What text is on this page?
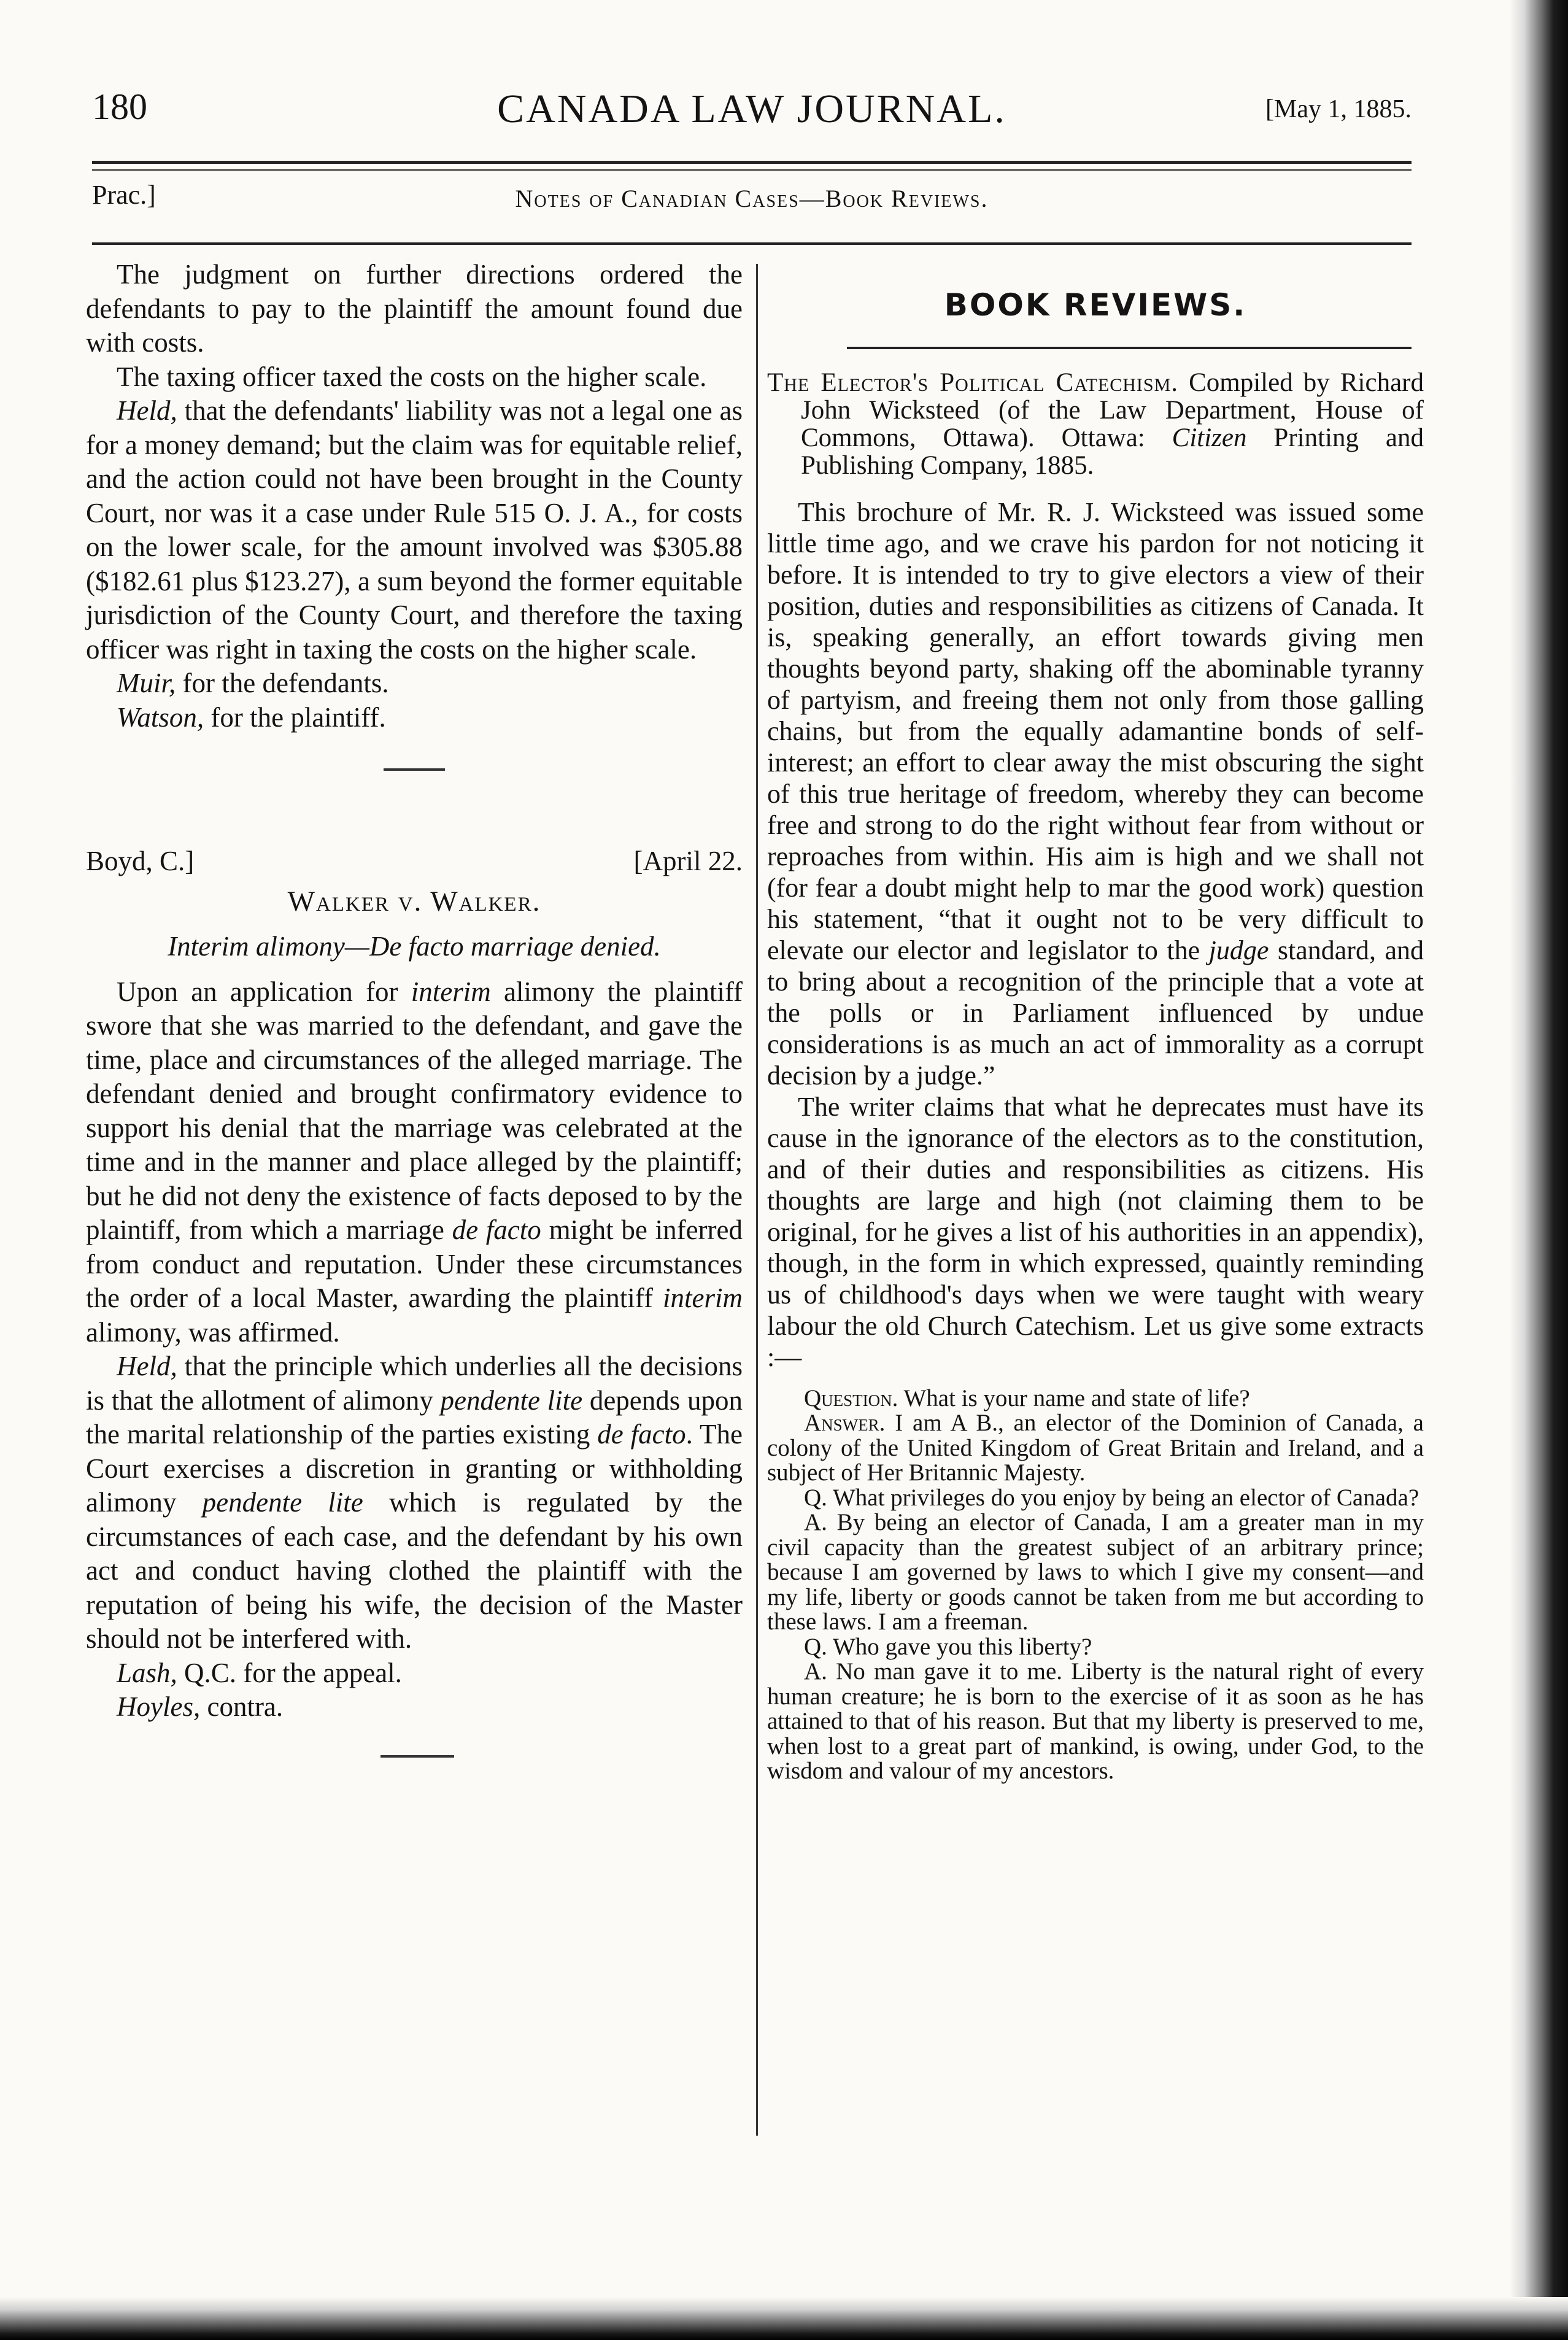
180	CANADA LAW JOURNAL.	[May 1, 1885.
Prac.]	Notes of Canadian Cases—Book Reviews.

The judgment on further directions ordered the defendants to pay to the plaintiff the amount found due with costs.

The taxing officer taxed the costs on the higher scale.

Held, that the defendants' liability was not a legal one as for a money demand; but the claim was for equitable relief, and the action could not have been brought in the County Court, nor was it a case under Rule 515 O. J. A., for costs on the lower scale, for the amount involved was $305.88 ($182.61 plus $123.27), a sum beyond the former equitable jurisdiction of the County Court, and therefore the taxing officer was right in taxing the costs on the higher scale.

Muir, for the defendants.

Watson, for the plaintiff.

Boyd, C.]	[April 22.
Walker v. Walker.
Interim alimony—De facto marriage denied.

Upon an application for interim alimony the plaintiff swore that she was married to the defendant, and gave the time, place and circumstances of the alleged marriage. The defendant denied and brought confirmatory evidence to support his denial that the marriage was celebrated at the time and in the manner and place alleged by the plaintiff; but he did not deny the existence of facts deposed to by the plaintiff, from which a marriage de facto might be inferred from conduct and reputation. Under these circumstances the order of a local Master, awarding the plaintiff interim alimony, was affirmed.

Held, that the principle which underlies all the decisions is that the allotment of alimony pendente lite depends upon the marital relationship of the parties existing de facto. The Court exercises a discretion in granting or withholding alimony pendente lite which is regulated by the circumstances of each case, and the defendant by his own act and conduct having clothed the plaintiff with the reputation of being his wife, the decision of the Master should not be interfered with.

Lash, Q.C. for the appeal.

Hoyles, contra.

BOOK REVIEWS.

The Elector's Political Catechism. Compiled by Richard John Wicksteed (of the Law Department, House of Commons, Ottawa). Ottawa: Citizen Printing and Publishing Company, 1885.

This brochure of Mr. R. J. Wicksteed was issued some little time ago, and we crave his pardon for not noticing it before. It is intended to try to give electors a view of their position, duties and responsibilities as citizens of Canada. It is, speaking generally, an effort towards giving men thoughts beyond party, shaking off the abominable tyranny of partyism, and freeing them not only from those galling chains, but from the equally adamantine bonds of self-interest; an effort to clear away the mist obscuring the sight of this true heritage of freedom, whereby they can become free and strong to do the right without fear from without or reproaches from within. His aim is high and we shall not (for fear a doubt might help to mar the good work) question his statement, “that it ought not to be very difficult to elevate our elector and legislator to the judge standard, and to bring about a recognition of the principle that a vote at the polls or in Parliament influenced by undue considerations is as much an act of immorality as a corrupt decision by a judge.”

The writer claims that what he deprecates must have its cause in the ignorance of the electors as to the constitution, and of their duties and responsibilities as citizens. His thoughts are large and high (not claiming them to be original, for he gives a list of his authorities in an appendix), though, in the form in which expressed, quaintly reminding us of childhood's days when we were taught with weary labour the old Church Catechism. Let us give some extracts :—

Question. What is your name and state of life?

Answer. I am A B., an elector of the Dominion of Canada, a colony of the United Kingdom of Great Britain and Ireland, and a subject of Her Britannic Majesty.

Q. What privileges do you enjoy by being an elector of Canada?

A. By being an elector of Canada, I am a greater man in my civil capacity than the greatest subject of an arbitrary prince; because I am governed by laws to which I give my consent—and my life, liberty or goods cannot be taken from me but according to these laws. I am a freeman.

Q. Who gave you this liberty?

A. No man gave it to me. Liberty is the natural right of every human creature; he is born to the exercise of it as soon as he has attained to that of his reason. But that my liberty is preserved to me, when lost to a great part of mankind, is owing, under God, to the wisdom and valour of my ancestors.
